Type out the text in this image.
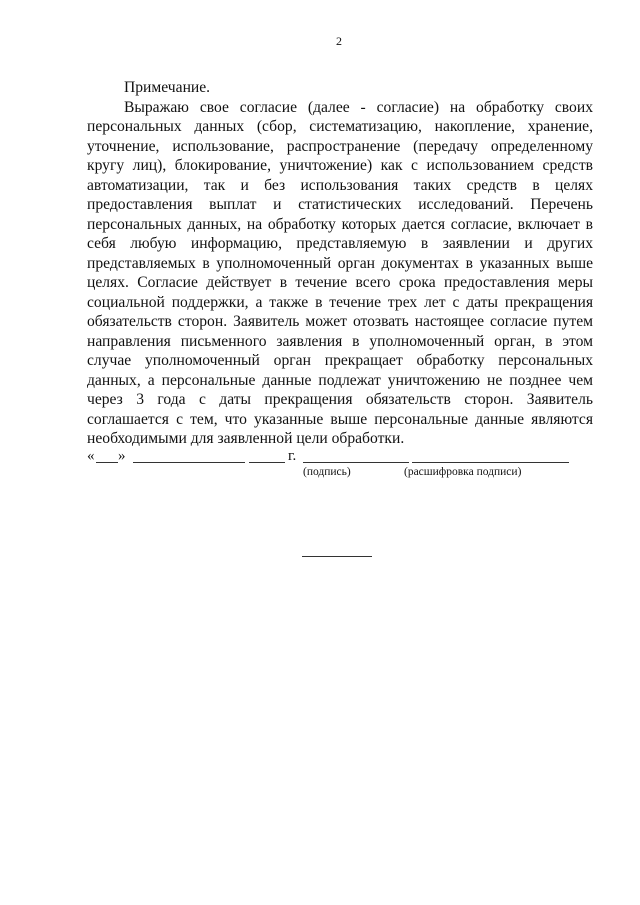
2

Примечание.

Выражаю свое согласие (далее - согласие) на обработку своих персональных данных (сбор, систематизацию, накопление, хранение, уточнение, использование, распространение (передачу определенному кругу лиц), блокирование, уничтожение) как с использованием средств автоматизации, так и без использования таких средств в целях предоставления выплат и статистических исследований. Перечень персональных данных, на обработку которых дается согласие, включает в себя любую информацию, представляемую в заявлении и других представляемых в уполномоченный орган документах в указанных выше целях. Согласие действует в течение всего срока предоставления меры социальной поддержки, а также в течение трех лет с даты прекращения обязательств сторон. Заявитель может отозвать настоящее согласие путем направления письменного заявления в уполномоченный орган, в этом случае уполномоченный орган прекращает обработку персональных данных, а персональные данные подлежат уничтожению не позднее чем через 3 года с даты прекращения обязательств сторон. Заявитель соглашается с тем, что указанные выше персональные данные являются необходимыми для заявленной цели обработки.

« »	г.
(подпись)	(расшифровка подписи)
